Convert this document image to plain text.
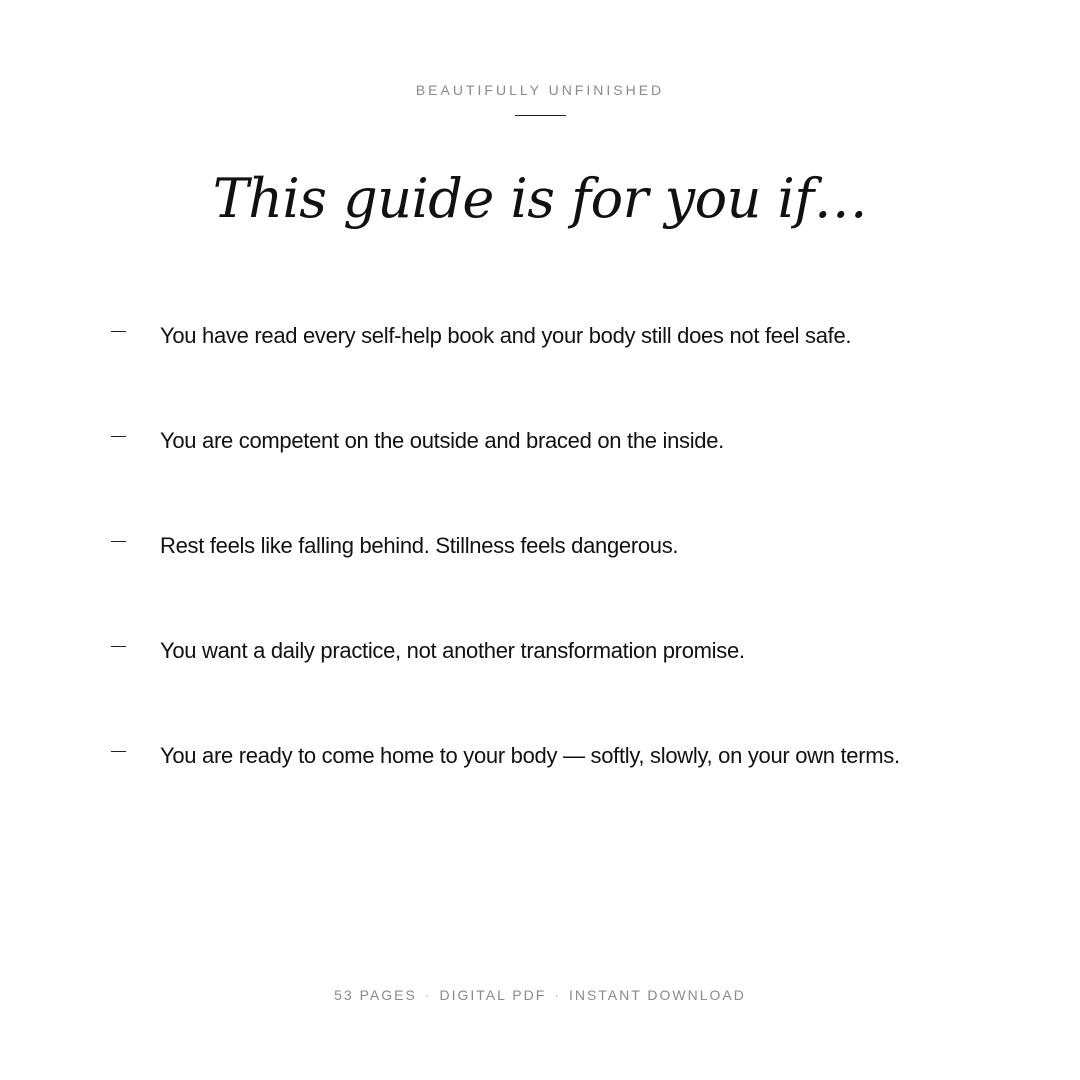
BEAUTIFULLY UNFINISHED
This guide is for you if…
You have read every self-help book and your body still does not feel safe.
You are competent on the outside and braced on the inside.
Rest feels like falling behind. Stillness feels dangerous.
You want a daily practice, not another transformation promise.
You are ready to come home to your body — softly, slowly, on your own terms.
53 PAGES · DIGITAL PDF · INSTANT DOWNLOAD
